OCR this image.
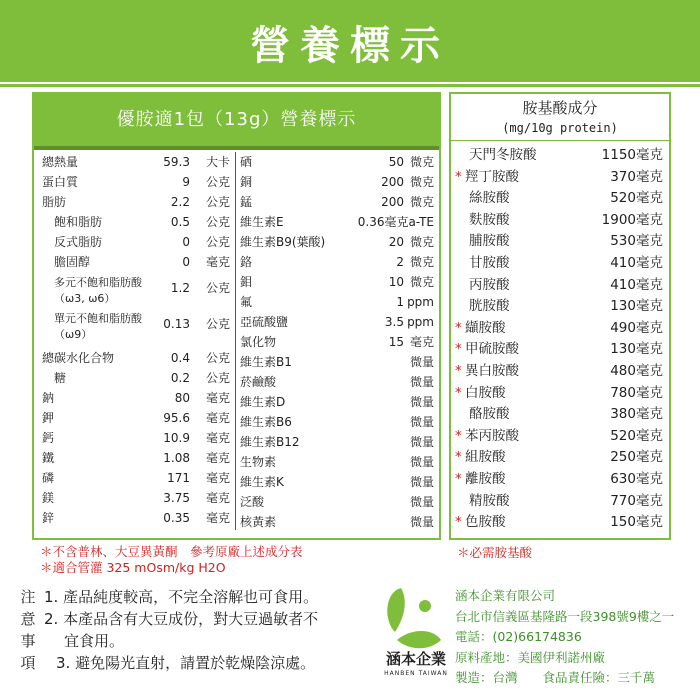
營養標示
優胺適1包（13g）營養標示
總熱量	59.3 大卡
蛋白質	9 公克
脂肪	2.2 公克
飽和脂肪	0.5 公克
反式脂肪	0 公克
膽固醇	0 毫克
多元不飽和脂肪酸（ω3, ω6）
1.2 公克
單元不飽和脂肪酸（ω9）
0.13 公克
總碳水化合物	0.4 公克
糖	0.2 公克
鈉	80 毫克
鉀	95.6 毫克
鈣	10.9 毫克
鐵	1.08 毫克
磷	171 毫克
鎂	3.75 毫克
鋅	0.35 毫克
硒	50 微克
銅	200 微克
錳	200 微克
維生素E	0.36毫克a-TE
維生素B9(葉酸)	20 微克
鉻	2 微克
鉬	10 微克
氟	1 ppm
亞硫酸鹽	3.5 ppm
氯化物	15 毫克
維生素B1	微量
菸鹼酸	微量
維生素D	微量
維生素B6	微量
維生素B12	微量
生物素	微量
維生素K	微量
泛酸	微量
核黃素	微量
胺基酸成分
(mg/10g protein)
天門冬胺酸	1150毫克
* 羥丁胺酸	370毫克
絲胺酸	520毫克
麩胺酸	1900毫克
脯胺酸	530毫克
甘胺酸	410毫克
丙胺酸	410毫克
胱胺酸	130毫克
* 纈胺酸	490毫克
* 甲硫胺酸	130毫克
* 異白胺酸	480毫克
* 白胺酸	780毫克
酪胺酸	380毫克
* 苯丙胺酸	520毫克
* 組胺酸	250毫克
* 離胺酸	630毫克
精胺酸	770毫克
* 色胺酸	150毫克
＊不含普林、大豆異黃酮　參考原廠上述成分表
＊適合管灌 325 mOsm/kg H2O
＊必需胺基酸
注
意
事
項
1. 產品純度較高，不完全溶解也可食用。
2. 本產品含有大豆成份，對大豆過敏者不
宜食用。
3. 避免陽光直射，請置於乾燥陰涼處。	涵本企業
HANBEN TAIWAN
涵本企業有限公司
台北市信義區基隆路一段398號9樓之一
電話：(02)66174836
原料產地：美國伊利諾州廠
製造：台灣　　食品責任險：三千萬
